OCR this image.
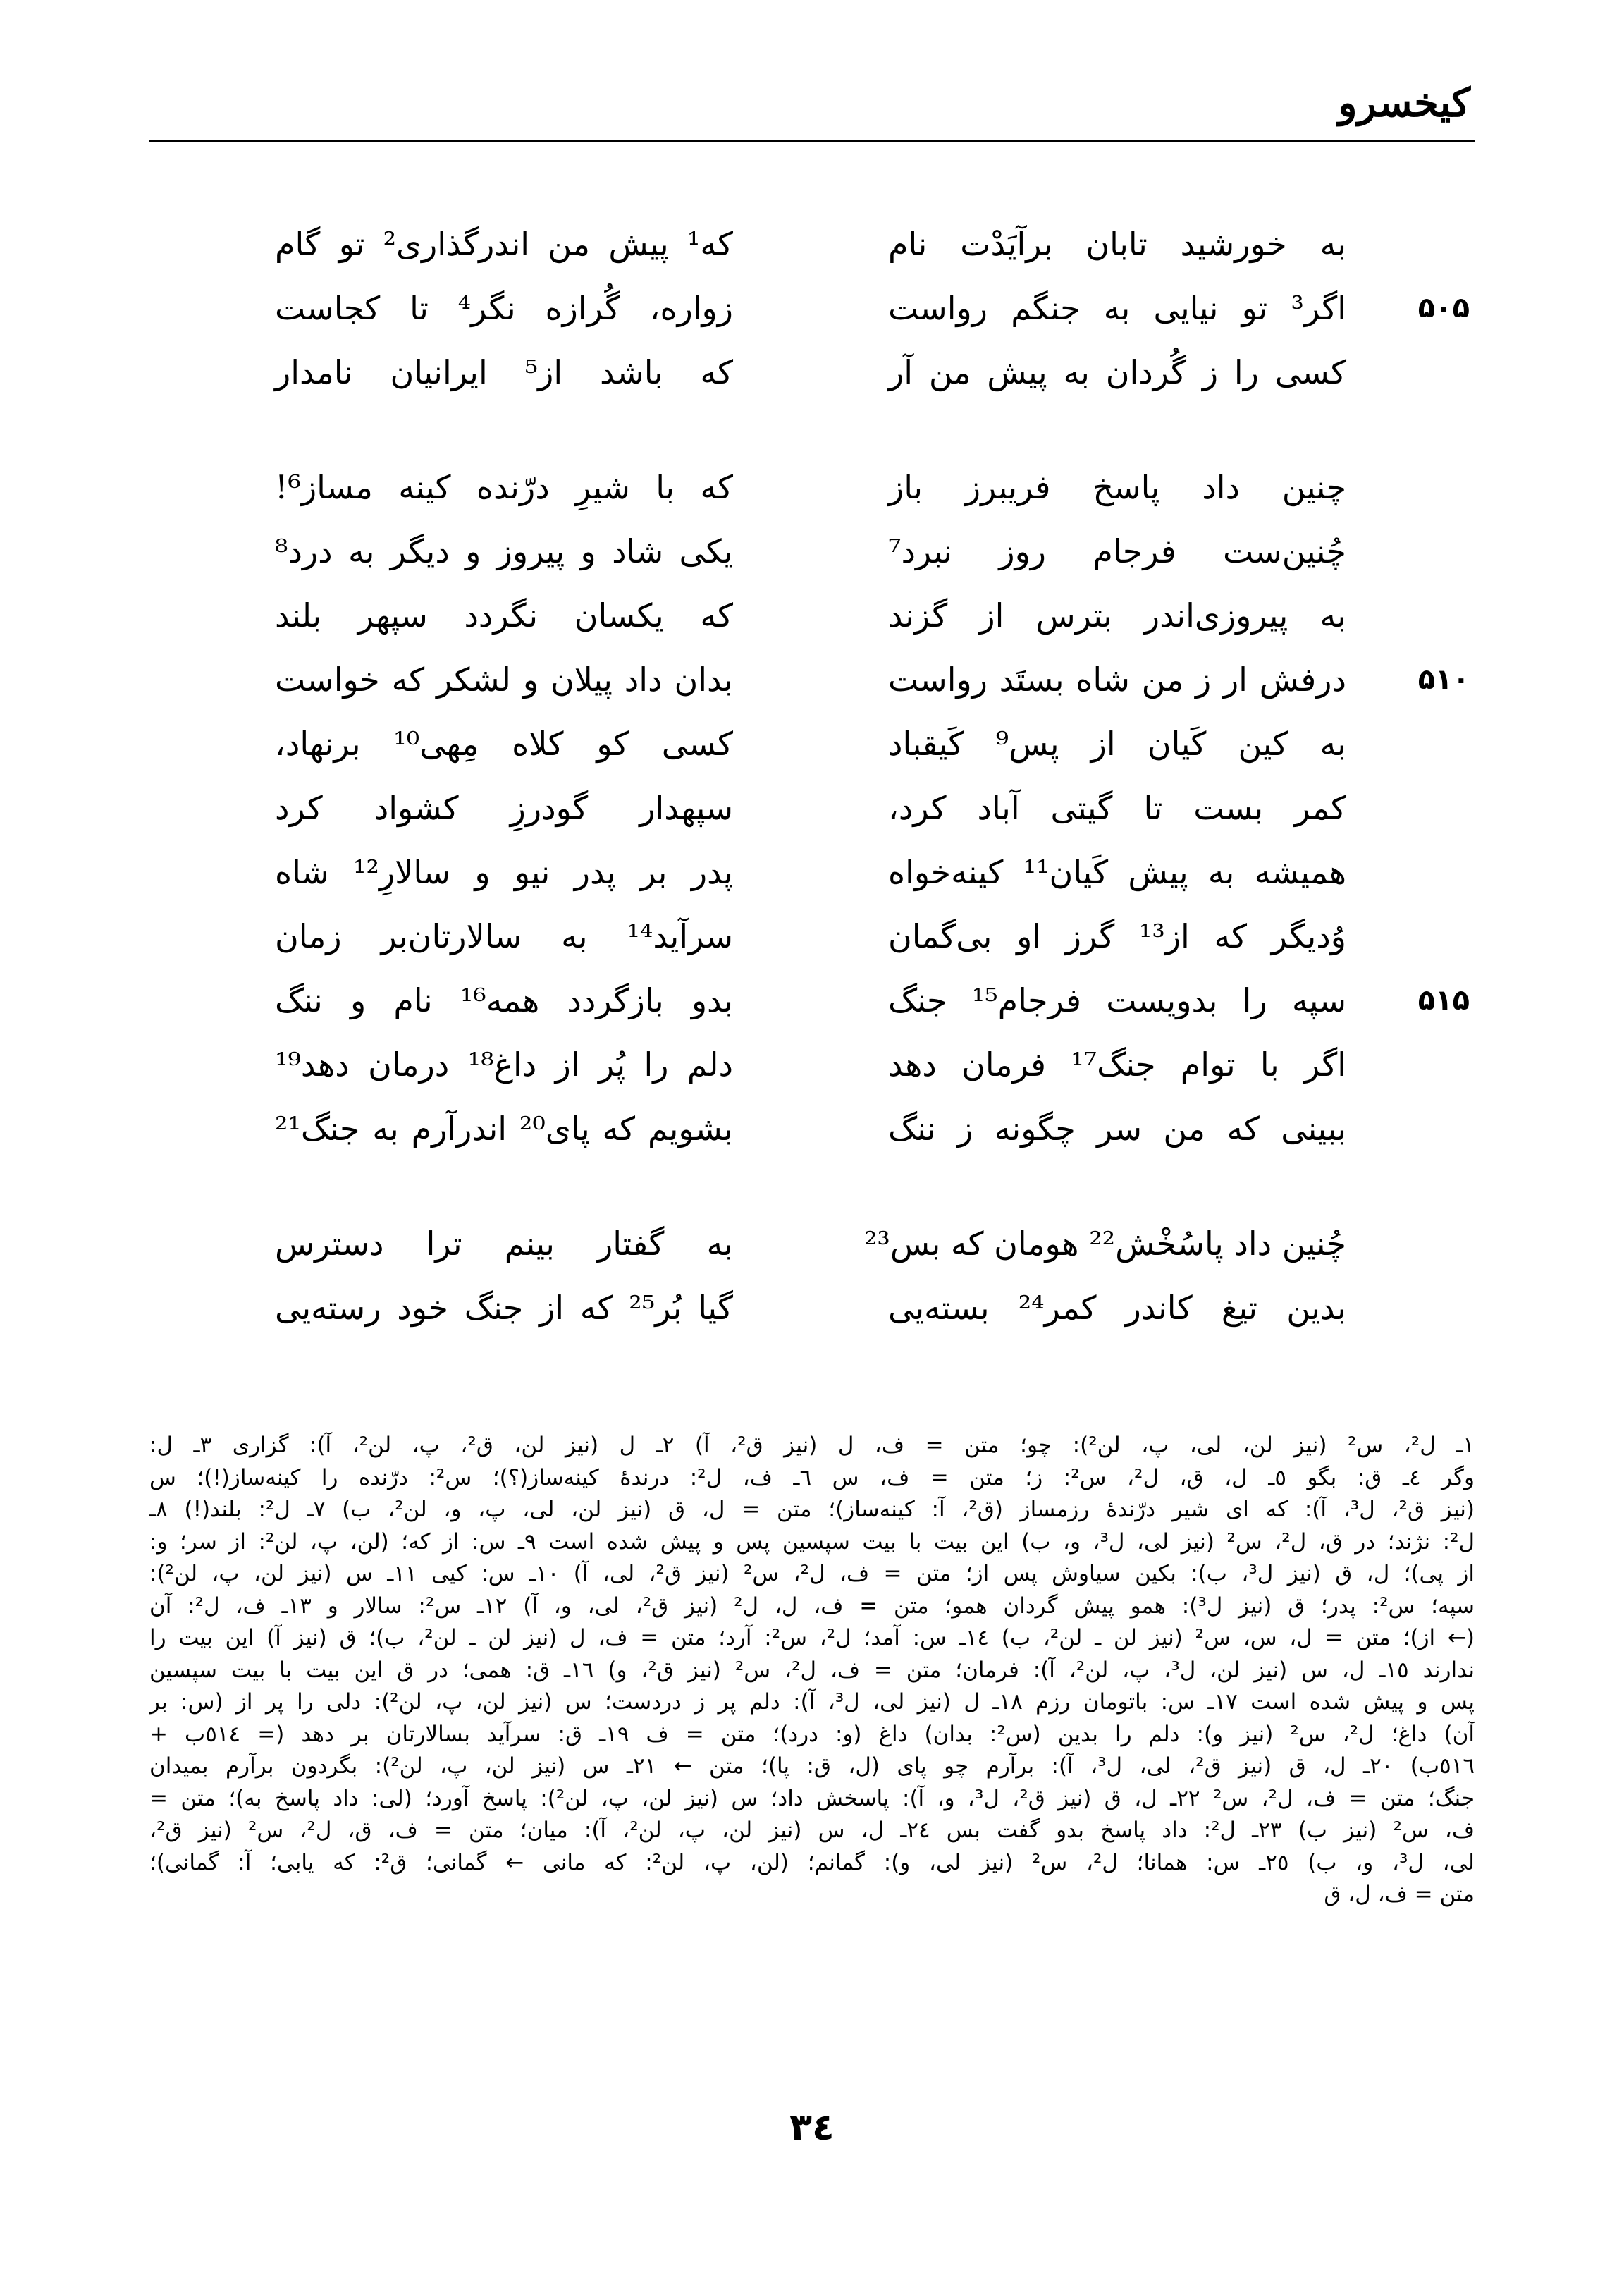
کیخسرو
به خورشید تابان برآیَدْت نام
که¹ پیش من اندرگذاری² تو گام
۵۰۵
اگر³ تو نیایی به جنگم رواست
زواره، گُرازه نگر⁴ تا کجاست
کسی را ز گُردان به پیش من آر
که باشد از⁵ ایرانیان نامدار
چنین داد پاسخ فریبرز باز
که با شیرِ درّنده کینه مساز⁶!
چُنین‌ست فرجام روز نبرد⁷
یکی شاد و پیروز و دیگر به درد⁸
به پیروزی‌اندر بترس از گزند
که یکسان نگردد سپهر بلند
۵۱۰
درفش ار ز من شاه بستَد رواست
بدان داد پیلان و لشکر که خواست
به کین کَیان از پس⁹ کَیقباد
کسی کو کلاه مِهی¹⁰ برنهاد،
کمر بست تا گیتی آباد کرد،
سپهدار گودرزِ کشواد کرد
همیشه به پیش کَیان¹¹ کینه‌خواه
پدر بر پدر نیو و سالارِ¹² شاه
وُدیگر که از¹³ گرز او بی‌گمان
سرآید¹⁴ به سالارتان‌بر زمان
۵۱۵
سپه را بدویست فرجام¹⁵ جنگ
بدو بازگردد همه¹⁶ نام و ننگ
اگر با توام جنگ¹⁷ فرمان دهد
دلم را پُر از داغ¹⁸ درمان دهد¹⁹
ببینی که من سر چگونه ز ننگ
بشویم که پای²⁰ اندرآرم به جنگ²¹
چُنین داد پاسُخْش²² هومان که بس²³
به گفتار بینم ترا دسترس
بدین تیغ کاندر کمر²⁴ بسته‌یی
گیا بُر²⁵ که از جنگ خود رسته‌یی
۱ـ ل²، س² (نیز لن، لی، پ، لن²): چو؛ متن = ف، ل (نیز ق²، آ) ۲ـ ل (نیز لن، ق²، پ، لن²، آ): گزاری ۳ـ ل:
وگر ٤ـ ق: بگو ٥ـ ل، ق، ل²، س²: ز؛ متن = ف، س ٦ـ ف، ل²: درندهٔ کینه‌ساز(؟)؛ س²: درّنده را کینه‌ساز(!)؛ س
(نیز ق²، ل³، آ): که ای شیر درّندهٔ رزمساز (ق²، آ: کینه‌ساز)؛ متن = ل، ق (نیز لن، لی، پ، و، لن²، ب) ۷ـ ل²: بلند(!) ۸ـ
ل²: نژند؛ در ق، ل²، س² (نیز لی، ل³، و، ب) این بیت با بیت سپسین پس و پیش شده است ۹ـ س: از که؛ (لن، پ، لن²: از سر؛ و:
از پی)؛ ل، ق (نیز ل³، ب): بکین سیاوش پس از؛ متن = ف، ل²، س² (نیز ق²، لی، آ) ۱۰ـ س: کیی ۱۱ـ س (نیز لن، پ، لن²):
سپه؛ س²: پدر؛ ق (نیز ل³): همو پیش گردان همو؛ متن = ف، ل، ل² (نیز ق²، لی، و، آ) ۱۲ـ س²: سالار و ۱۳ـ ف، ل²: آن
(← از)؛ متن = ل، س، س² (نیز لن ـ لن²، ب) ۱٤ـ س: آمد؛ ل²، س²: آرد؛ متن = ف، ل (نیز لن ـ لن²، ب)؛ ق (نیز آ) این بیت را
ندارند ۱٥ـ ل، س (نیز لن، ل³، پ، لن²، آ): فرمان؛ متن = ف، ل²، س² (نیز ق²، و) ۱٦ـ ق: همی؛ در ق این بیت با بیت سپسین
پس و پیش شده است ۱۷ـ س: باتومان رزم ۱۸ـ ل (نیز لی، ل³، آ): دلم پر ز دردست؛ س (نیز لن، پ، لن²): دلی را پر از (س: بر
آن) داغ؛ ل²، س² (نیز و): دلم را بدین (س²: بدان) داغ (و: درد)؛ متن = ف ۱۹ـ ق: سرآید بسالارتان بر دهد (= ٥۱٤ب +
٥۱٦ب) ۲۰ـ ل، ق (نیز ق²، لی، ل³، آ): برآرم چو پای (ل، ق: پا)؛ متن ← ۲۱ـ س (نیز لن، پ، لن²): بگردون برآرم بمیدان
جنگ؛ متن = ف، ل²، س² ۲۲ـ ل، ق (نیز ق²، ل³، و، آ): پاسخش داد؛ س (نیز لن، پ، لن²): پاسخ آورد؛ (لی: داد پاسخ به)؛ متن =
ف، س² (نیز ب) ۲۳ـ ل²: داد پاسخ بدو گفت بس ۲٤ـ ل، س (نیز لن، پ، لن²، آ): میان؛ متن = ف، ق، ل²، س² (نیز ق²،
لی، ل³، و، ب) ۲٥ـ س: همانا؛ ل²، س² (نیز لی، و): گمانم؛ (لن، پ، لن²: که مانی ← گمانی؛ ق²: که یابی؛ آ: گمانی)؛
متن = ف، ل، ق
۳٤
